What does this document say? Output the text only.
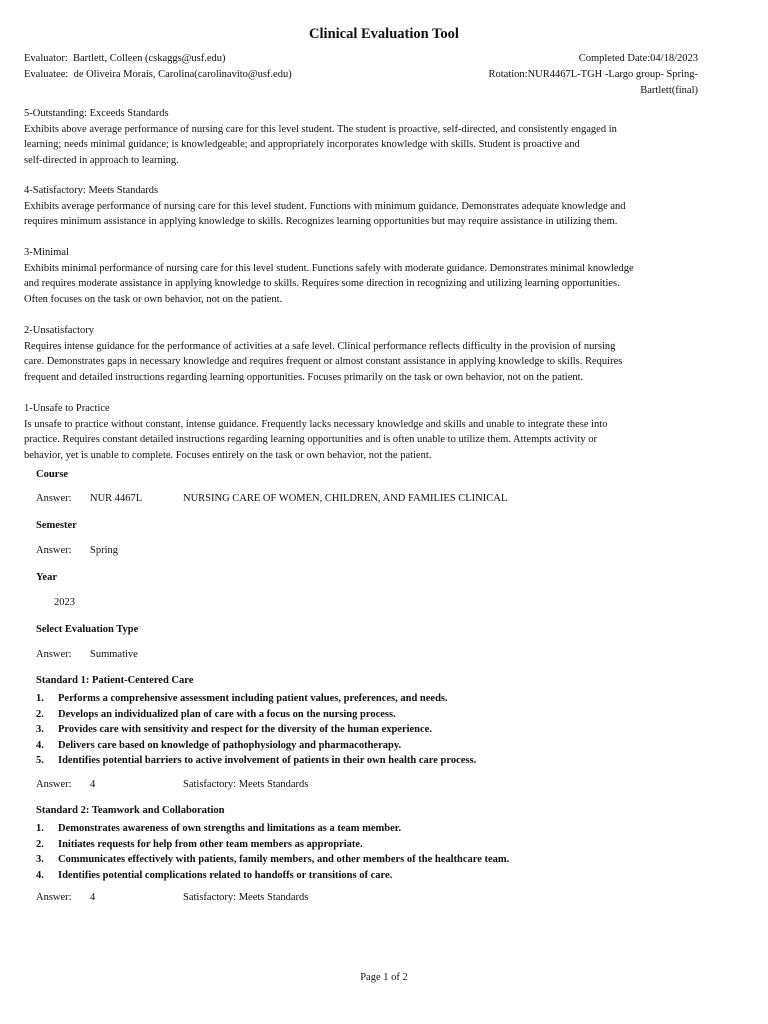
Clinical Evaluation Tool
Evaluator: Bartlett, Colleen (cskaggs@usf.edu)
Evaluatee: de Oliveira Morais, Carolina(carolinavito@usf.edu)
Completed Date:04/18/2023
Rotation:NUR4467L-TGH -Largo group- Spring-
Bartlett(final)
5-Outstanding: Exceeds Standards
Exhibits above average performance of nursing care for this level student. The student is proactive, self-directed, and consistently engaged in
learning; needs minimal guidance; is knowledgeable; and appropriately incorporates knowledge with skills. Student is proactive and
self-directed in approach to learning.
4-Satisfactory: Meets Standards
Exhibits average performance of nursing care for this level student. Functions with minimum guidance. Demonstrates adequate knowledge and
requires minimum assistance in applying knowledge to skills. Recognizes learning opportunities but may require assistance in utilizing them.
3-Minimal
Exhibits minimal performance of nursing care for this level student. Functions safely with moderate guidance. Demonstrates minimal knowledge
and requires moderate assistance in applying knowledge to skills. Requires some direction in recognizing and utilizing learning opportunities.
Often focuses on the task or own behavior, not on the patient.
2-Unsatisfactory
Requires intense guidance for the performance of activities at a safe level. Clinical performance reflects difficulty in the provision of nursing
care. Demonstrates gaps in necessary knowledge and requires frequent or almost constant assistance in applying knowledge to skills. Requires
frequent and detailed instructions regarding learning opportunities. Focuses primarily on the task or own behavior, not on the patient.
1-Unsafe to Practice
Is unsafe to practice without constant, intense guidance. Frequently lacks necessary knowledge and skills and unable to integrate these into
practice. Requires constant detailed instructions regarding learning opportunities and is often unable to utilize them. Attempts activity or
behavior, yet is unable to complete. Focuses entirely on the task or own behavior, not the patient.
Course
Answer: NUR 4467L	NURSING CARE OF WOMEN, CHILDREN, AND FAMILIES CLINICAL
Semester
Answer: Spring
Year
2023
Select Evaluation Type
Answer: Summative
Standard 1: Patient-Centered Care
1. Performs a comprehensive assessment including patient values, preferences, and needs.
2. Develops an individualized plan of care with a focus on the nursing process.
3. Provides care with sensitivity and respect for the diversity of the human experience.
4. Delivers care based on knowledge of pathophysiology and pharmacotherapy.
5. Identifies potential barriers to active involvement of patients in their own health care process.
Answer: 4	Satisfactory: Meets Standards
Standard 2: Teamwork and Collaboration
1. Demonstrates awareness of own strengths and limitations as a team member.
2. Initiates requests for help from other team members as appropriate.
3. Communicates effectively with patients, family members, and other members of the healthcare team.
4. Identifies potential complications related to handoffs or transitions of care.
Answer: 4	Satisfactory: Meets Standards
Page 1 of 2
